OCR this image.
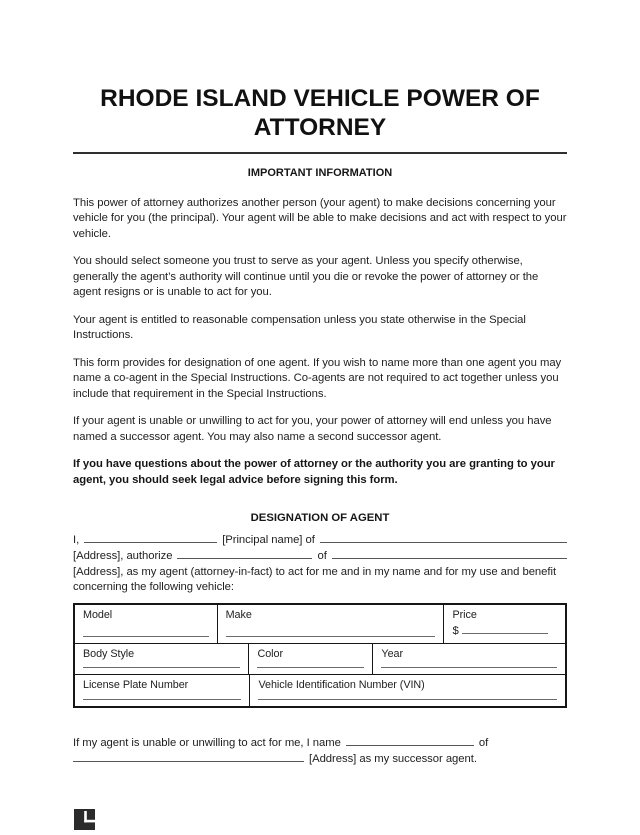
RHODE ISLAND VEHICLE POWER OF ATTORNEY
IMPORTANT INFORMATION

This power of attorney authorizes another person (your agent) to make decisions concerning your vehicle for you (the principal). Your agent will be able to make decisions and act with respect to your vehicle.

You should select someone you trust to serve as your agent. Unless you specify otherwise, generally the agent’s authority will continue until you die or revoke the power of attorney or the agent resigns or is unable to act for you.

Your agent is entitled to reasonable compensation unless you state otherwise in the Special Instructions.

This form provides for designation of one agent. If you wish to name more than one agent you may name a co-agent in the Special Instructions. Co-agents are not required to act together unless you include that requirement in the Special Instructions.

If your agent is unable or unwilling to act for you, your power of attorney will end unless you have named a successor agent. You may also name a second successor agent.

If you have questions about the power of attorney or the authority you are granting to your agent, you should seek legal advice before signing this form.

DESIGNATION OF AGENT
I,	[Principal name] of
[Address], authorize	of

[Address], as my agent (attorney-in-fact) to act for me and in my name and for my use and benefit concerning the following vehicle:

Model	Make	Price
$
Body Style	Color	Year
License Plate Number	Vehicle Identification Number (VIN)
If my agent is unable or unwilling to act for me, I name	of
[Address] as my successor agent.
